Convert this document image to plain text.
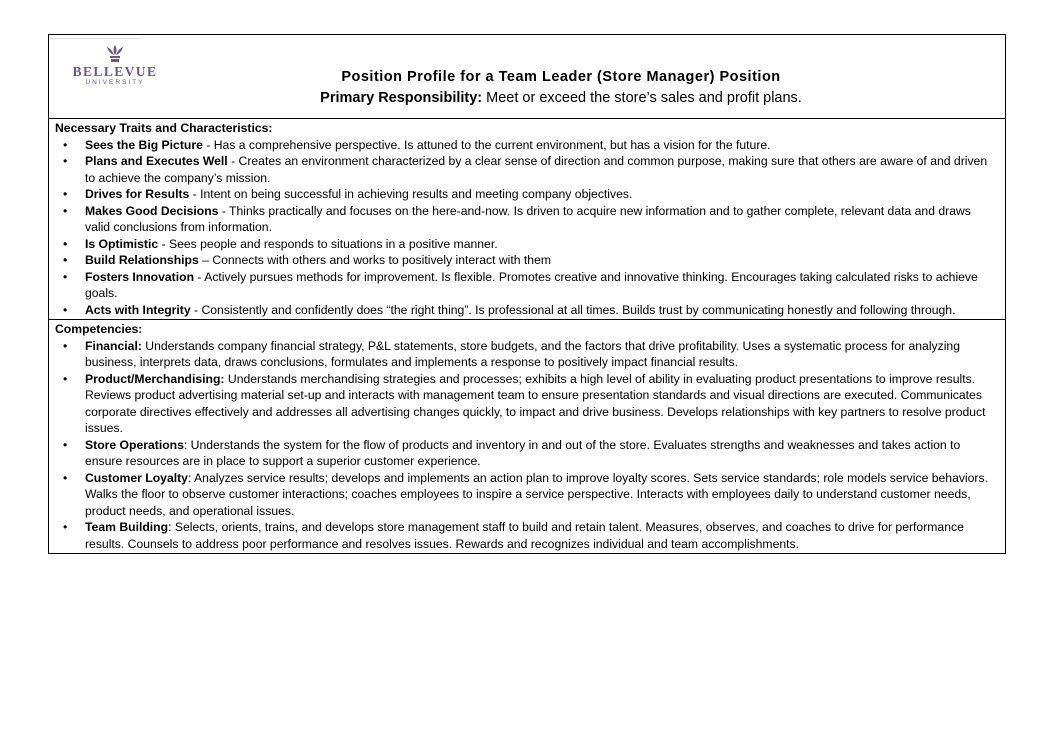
BELLEVUE
UNIVERSITY	Position Profile for a Team Leader (Store Manager) Position
Primary Responsibility: Meet or exceed the store’s sales and profit plans.
Necessary Traits and Characteristics:
• Sees the Big Picture - Has a comprehensive perspective. Is attuned to the current environment, but has a vision for the future.
• Plans and Executes Well - Creates an environment characterized by a clear sense of direction and common purpose, making sure that others are aware of and driven to achieve the company’s mission.
• Drives for Results - Intent on being successful in achieving results and meeting company objectives.
• Makes Good Decisions - Thinks practically and focuses on the here-and-now. Is driven to acquire new information and to gather complete, relevant data and draws valid conclusions from information.
• Is Optimistic - Sees people and responds to situations in a positive manner.
• Build Relationships – Connects with others and works to positively interact with them
• Fosters Innovation - Actively pursues methods for improvement. Is flexible. Promotes creative and innovative thinking. Encourages taking calculated risks to achieve goals.
• Acts with Integrity - Consistently and confidently does “the right thing”. Is professional at all times. Builds trust by communicating honestly and following through.
Competencies:
• Financial: Understands company financial strategy, P&L statements, store budgets, and the factors that drive profitability. Uses a systematic process for analyzing business, interprets data, draws conclusions, formulates and implements a response to positively impact financial results.
• Product/Merchandising: Understands merchandising strategies and processes; exhibits a high level of ability in evaluating product presentations to improve results. Reviews product advertising material set-up and interacts with management team to ensure presentation standards and visual directions are executed. Communicates corporate directives effectively and addresses all advertising changes quickly, to impact and drive business. Develops relationships with key partners to resolve product issues.
• Store Operations: Understands the system for the flow of products and inventory in and out of the store. Evaluates strengths and weaknesses and takes action to ensure resources are in place to support a superior customer experience.
• Customer Loyalty: Analyzes service results; develops and implements an action plan to improve loyalty scores. Sets service standards; role models service behaviors. Walks the floor to observe customer interactions; coaches employees to inspire a service perspective. Interacts with employees daily to understand customer needs, product needs, and operational issues.
• Team Building: Selects, orients, trains, and develops store management staff to build and retain talent. Measures, observes, and coaches to drive for performance results. Counsels to address poor performance and resolves issues. Rewards and recognizes individual and team accomplishments.
